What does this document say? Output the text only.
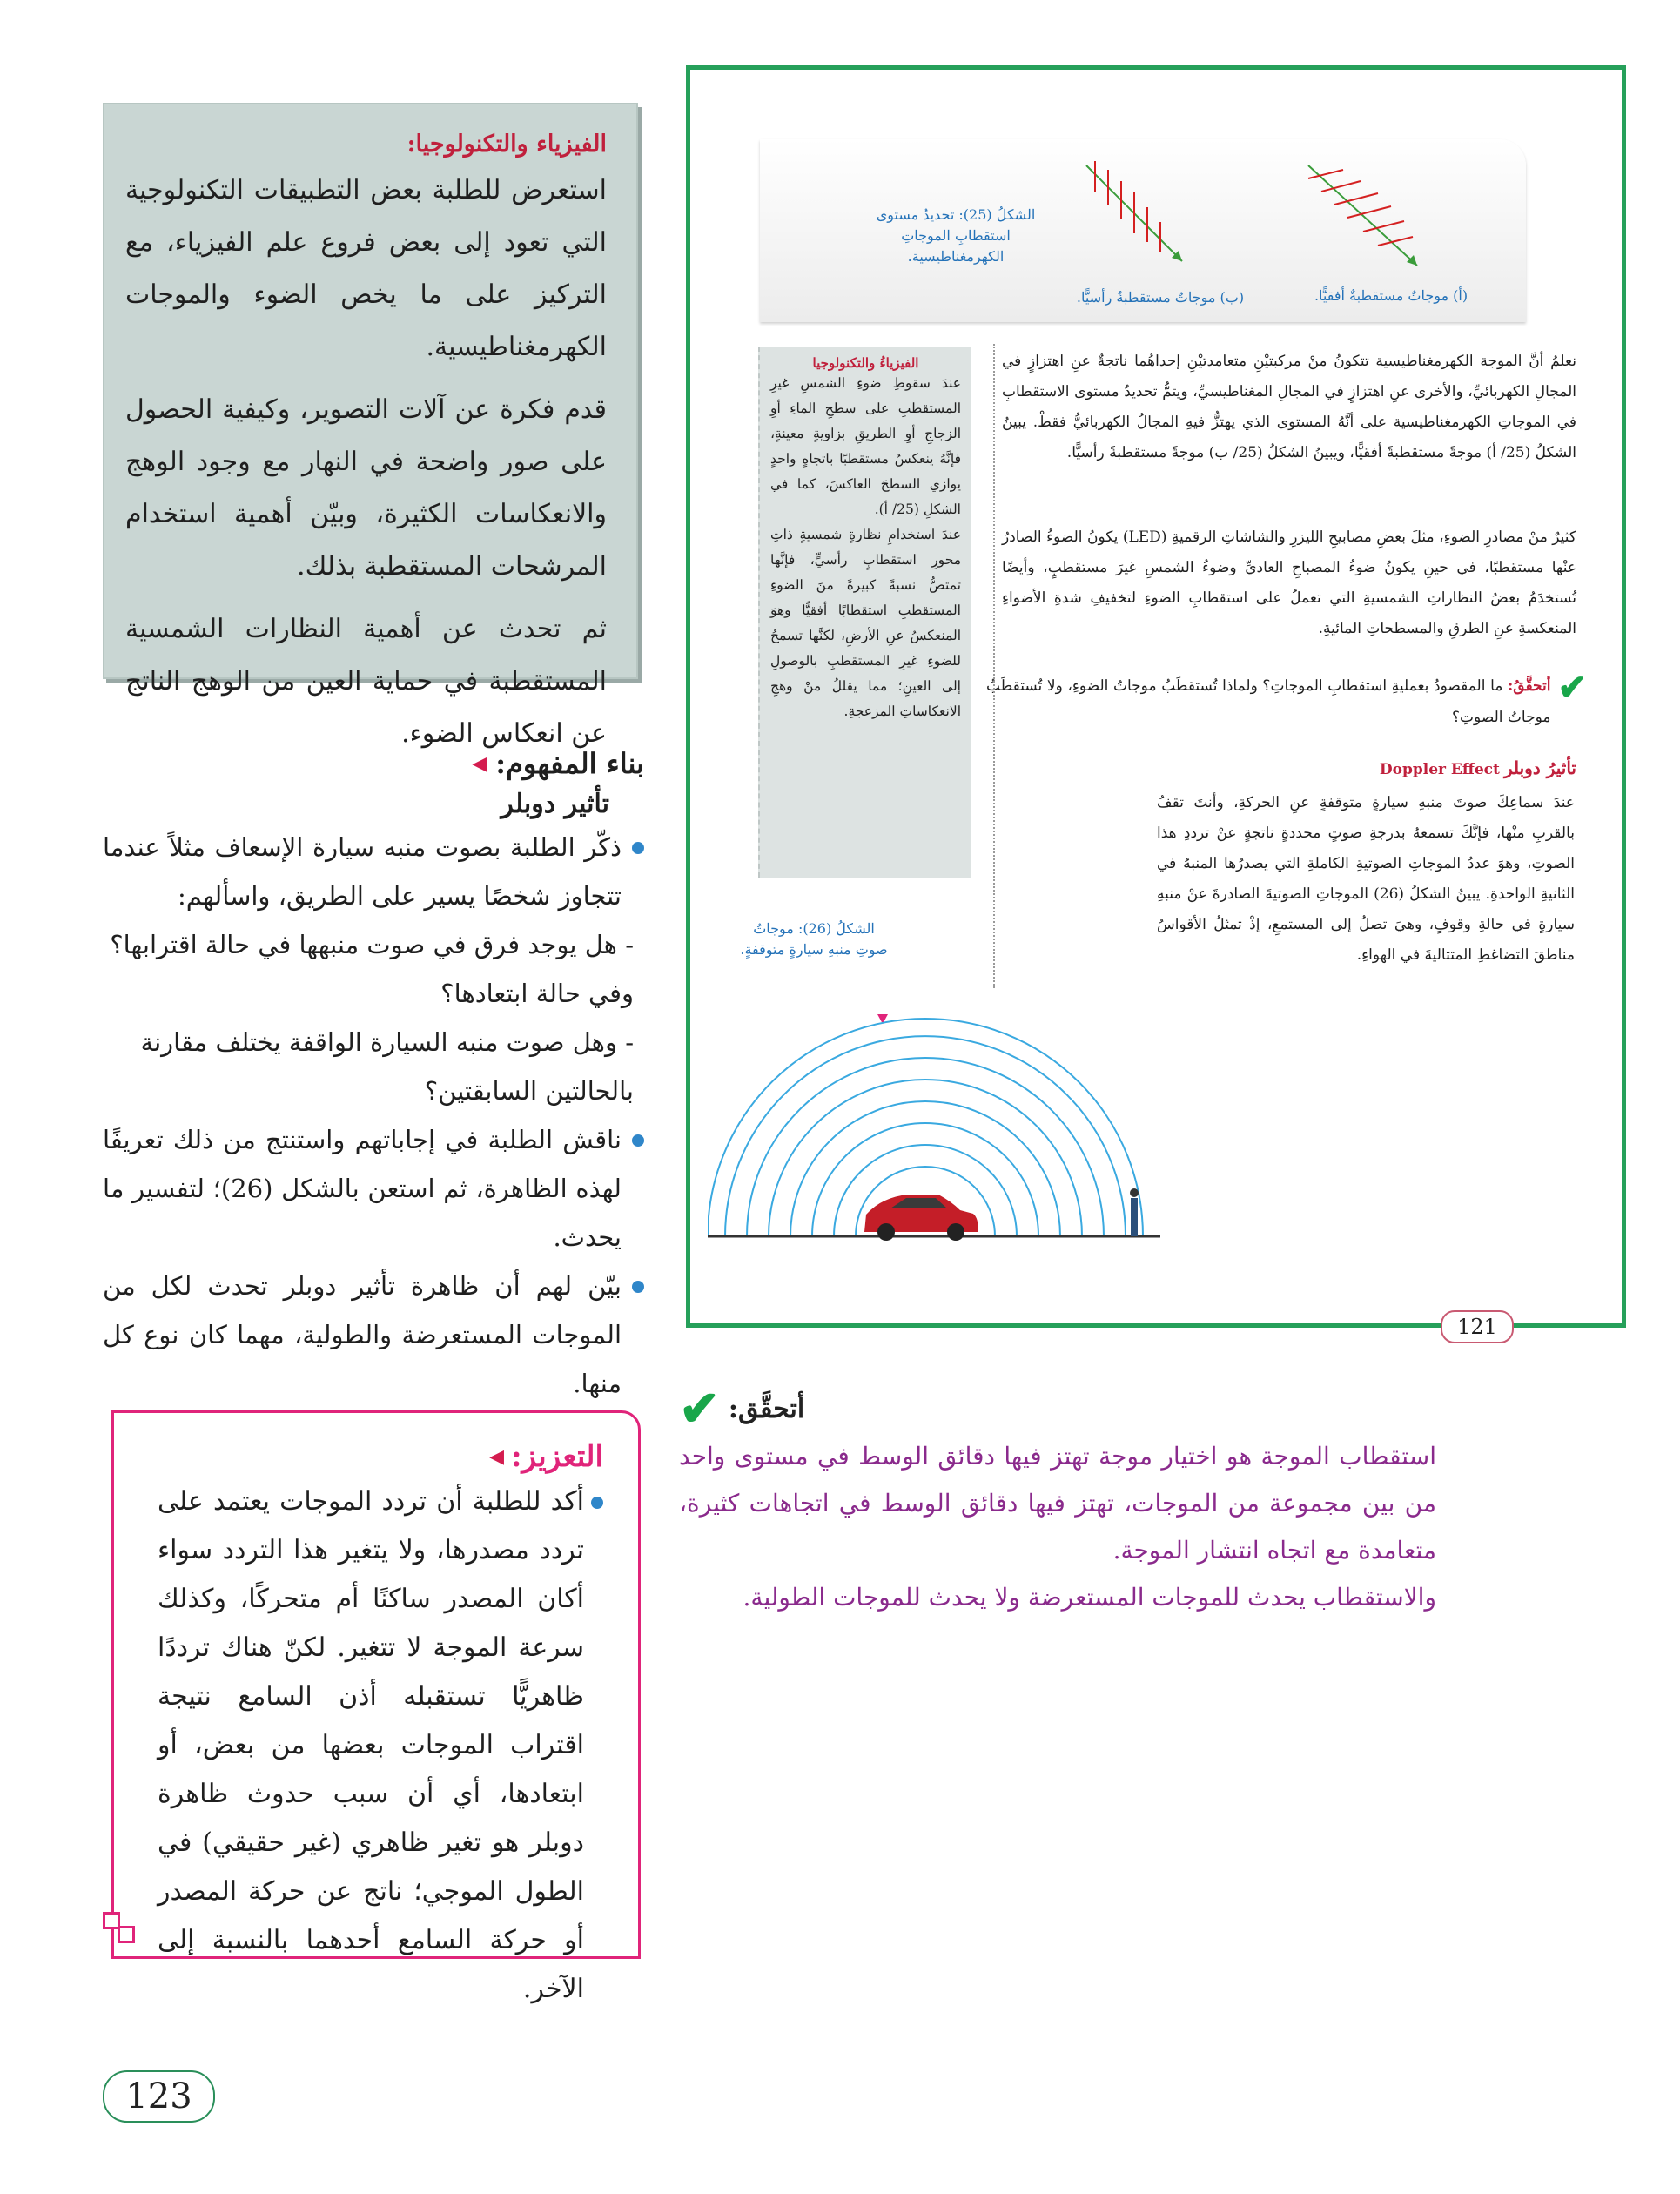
الفيزياء والتكنولوجيا:

استعرض للطلبة بعض التطبيقات التكنولوجية التي تعود إلى بعض فروع علم الفيزياء، مع التركيز على ما يخص الضوء والموجات الكهرمغناطيسية.

قدم فكرة عن آلات التصوير، وكيفية الحصول على صور واضحة في النهار مع وجود الوهج والانعكاسات الكثيرة، وبيّن أهمية استخدام المرشحات المستقطبة بذلك.

ثم تحدث عن أهمية النظارات الشمسية المستقطبة في حماية العين من الوهج الناتج عن انعكاس الضوء.

بناء المفهوم:
◀
تأثير دوبلر
ذكّر الطلبة بصوت منبه سيارة الإسعاف مثلاً عندما تتجاوز شخصًا يسير على الطريق، واسألهم:
- هل يوجد فرق في صوت منبهها في حالة اقترابها؟ وفي حالة ابتعادها؟
- وهل صوت منبه السيارة الواقفة يختلف مقارنة بالحالتين السابقتين؟
ناقش الطلبة في إجاباتهم واستنتج من ذلك تعريفًا لهذه الظاهرة، ثم استعن بالشكل (26)؛ لتفسير ما يحدث.
بيّن لهم أن ظاهرة تأثير دوبلر تحدث لكل من الموجات المستعرضة والطولية، مهما كان نوع كل منها.
التعزيز:
◀
أكد للطلبة أن تردد الموجات يعتمد على تردد مصدرها، ولا يتغير هذا التردد سواء أكان المصدر ساكنًا أم متحركًا، وكذلك سرعة الموجة لا تتغير. لكنّ هناك ترددًا ظاهريًّا تستقبله أذن السامع نتيجة اقتراب الموجات بعضها من بعض، أو ابتعادها، أي أن سبب حدوث ظاهرة دوبلر هو تغير ظاهري (غير حقيقي) في الطول الموجي؛ ناتج عن حركة المصدر أو حركة السامع أحدهما بالنسبة إلى الآخر.
123
الشكلُ (25): تحديدُ مستوى استقطابِ الموجاتِ الكهرمغناطيسية.
(ب) موجاتٌ مستقطبةٌ رأسيًّا.	(أ) موجاتٌ مستقطبةٌ أفقيًّا.
نعلمُ أنَّ الموجة الكهرمغناطيسية تتكونُ منْ مركبتيْنِ متعامدتيْنِ إحداهُما ناتجةٌ عنِ اهتزازٍ في المجالِ الكهربائيِّ، والأخرى عنِ اهتزازٍ في المجالِ المغناطيسيِّ، ويتمُّ تحديدُ مستوى الاستقطابِ في الموجاتِ الكهرمغناطيسية على أنَّهُ المستوى الذي يهتزُّ فيهِ المجالُ الكهربائيُّ فقطْ. يبينُ الشكلُ (25/ أ) موجةً مستقطبةً أفقيًّا، ويبينُ الشكلُ (25/ ب) موجةً مستقطبةً رأسيًّا.
كثيرٌ منْ مصادرِ الضوءِ، مثلَ بعضِ مصابيحِ الليزرِ والشاشاتِ الرقميةِ (LED) يكونُ الضوءُ الصادرُ عنْها مستقطبًا، في حينِ يكونُ ضوءُ المصباحِ العاديِّ وضوءُ الشمسِ غيرَ مستقطبٍ، وأيضًا تُستخدَمُ بعضُ النظاراتِ الشمسيةِ التي تعملُ على استقطابِ الضوءِ لتخفيفِ شدةِ الأضواءِ المنعكسةِ عنِ الطرقِ والمسطحاتِ المائيةِ.
✔
أتحقَّقُ: ما المقصودُ بعمليةِ استقطابِ الموجاتِ؟ ولماذا تُستقطَبُ موجاتُ الضوءِ، ولا تُستقطَبُ موجاتُ الصوتِ؟
تأثيرُ دوبلر Doppler Effect
عندَ سماعِكَ صوتَ منبهِ سيارةٍ متوقفةٍ عنِ الحركةِ، وأنتَ تقفُ بالقربِ منْها، فإنَّكَ تسمعهُ بدرجةِ صوتٍ محددةٍ ناتجةٍ عنْ ترددِ هذا الصوتِ، وهوَ عددُ الموجاتِ الصوتيةِ الكاملةِ التي يصدرُها المنبهُ في الثانيةِ الواحدةِ. يبينُ الشكلُ (26) الموجاتِ الصوتيةَ الصادرةَ عنْ منبهِ سيارةٍ في حالةِ وقوفٍ، وهيَ تصلُ إلى المستمعِ، إذْ تمثلُ الأقواسُ مناطقَ التضاغطِ المتتاليةَ في الهواءِ.
الفيزياءُ والتكنولوجيا
عندَ سقوطِ ضوءِ الشمسِ غيرِ المستقطبِ على سطحِ الماءِ أوِ الزجاجِ أوِ الطريقِ بزاويةٍ معينةٍ، فإنَّهُ ينعكسُ مستقطبًا باتجاهٍ واحدٍ يوازي السطحَ العاكسَ، كما في الشكلِ (25/ أ).
عندَ استخدامِ نظارةٍ شمسيةٍ ذاتِ محورِ استقطابٍ رأسيٍّ، فإنَّها تمتصُّ نسبةً كبيرةً منَ الضوءِ المستقطبِ استقطابًا أفقيًّا وهوَ المنعكسُ عنِ الأرضِ، لكنَّها تسمحُ للضوءِ غيرِ المستقطبِ بالوصولِ إلى العينِ؛ مما يقللُ منْ وهجِ الانعكاساتِ المزعجةِ.
الشكلُ (26): موجاتُ صوتِ منبهِ سيارةٍ متوقفةٍ.
121
أتحقَّق:
✔
استقطاب الموجة هو اختيار موجة تهتز فيها دقائق الوسط في مستوى واحد من بين مجموعة من الموجات، تهتز فيها دقائق الوسط في اتجاهات كثيرة، متعامدة مع اتجاه انتشار الموجة.
والاستقطاب يحدث للموجات المستعرضة ولا يحدث للموجات الطولية.
